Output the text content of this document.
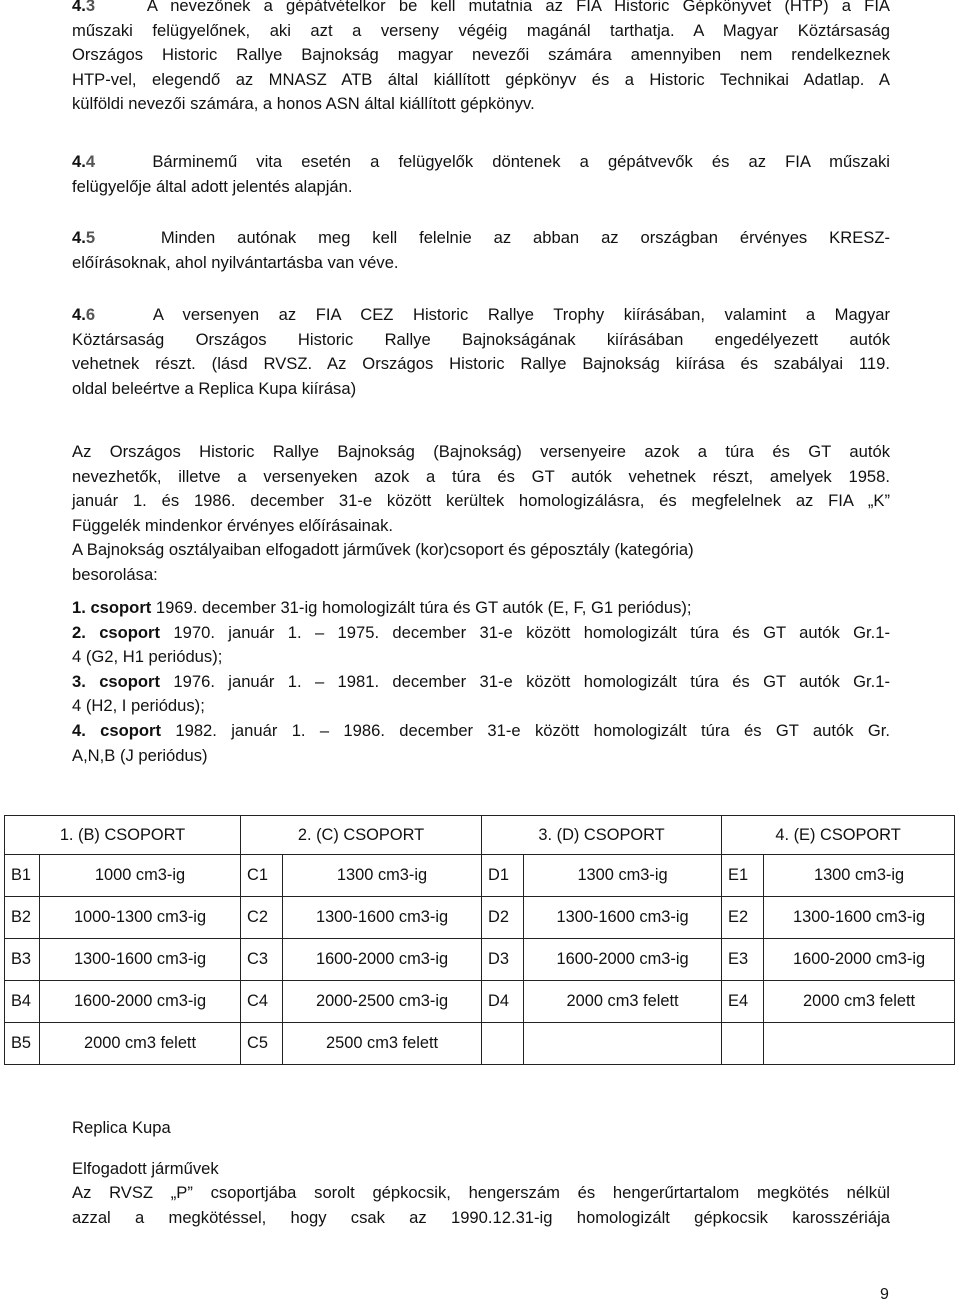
4.3	A nevezőnek a gépátvételkor be kell mutatnia az FIA Historic Gépkönyvet (HTP) a FIA
műszaki felügyelőnek, aki azt a verseny végéig magánál tarthatja. A Magyar Köztársaság
Országos Historic Rallye Bajnokság magyar nevezői számára amennyiben nem rendelkeznek
HTP-vel, elegendő az MNASZ ATB által kiállított gépkönyv és a Historic Technikai Adatlap. A
külföldi nevezői számára, a honos ASN által kiállított gépkönyv.
4.4	Bárminemű vita esetén a felügyelők döntenek a gépátvevők és az FIA műszaki
felügyelője által adott jelentés alapján.
4.5	Minden autónak meg kell felelnie az abban az országban érvényes KRESZ-
előírásoknak, ahol nyilvántartásba van véve.
4.6	A versenyen az FIA CEZ Historic Rallye Trophy kiírásában, valamint a Magyar
Köztársaság Országos Historic Rallye Bajnokságának kiírásában engedélyezett autók
vehetnek részt. (lásd RVSZ. Az Országos Historic Rallye Bajnokság kiírása és szabályai 119.
oldal beleértve a Replica Kupa kiírása)
Az Országos Historic Rallye Bajnokság (Bajnokság) versenyeire azok a túra és GT autók
nevezhetők, illetve a versenyeken azok a túra és GT autók vehetnek részt, amelyek 1958.
január 1. és 1986. december 31-e között kerültek homologizálásra, és megfelelnek az FIA „K”
Függelék mindenkor érvényes előírásainak.
A Bajnokság osztályaiban elfogadott járművek (kor)csoport és géposztály (kategória)
besorolása:
1. csoport 1969. december 31-ig homologizált túra és GT autók (E, F, G1 periódus);
2. csoport 1970. január 1. – 1975. december 31-e között homologizált túra és GT autók Gr.1-
4 (G2, H1 periódus);
3. csoport 1976. január 1. – 1981. december 31-e között homologizált túra és GT autók Gr.1-
4 (H2, I periódus);
4. csoport 1982. január 1. – 1986. december 31-e között homologizált túra és GT autók Gr.
A,N,B (J periódus)
1. (B) CSOPORT		2. (C) CSOPORT		3. (D) CSOPORT		4. (E) CSOPORT	
B1	1000 cm3-ig	C1	1300 cm3-ig	D1	1300 cm3-ig	E1	1300 cm3-ig
B2	1000-1300 cm3-ig	C2	1300-1600 cm3-ig	D2	1300-1600 cm3-ig	E2	1300-1600 cm3-ig
B3	1300-1600 cm3-ig	C3	1600-2000 cm3-ig	D3	1600-2000 cm3-ig	E3	1600-2000 cm3-ig
B4	1600-2000 cm3-ig	C4	2000-2500 cm3-ig	D4	2000 cm3 felett	E4	2000 cm3 felett
B5	2000 cm3 felett	C5	2500 cm3 felett				
Replica Kupa
Elfogadott járművek
Az RVSZ „P” csoportjába sorolt gépkocsik, hengerszám és hengerűrtartalom megkötés nélkül
azzal a megkötéssel, hogy csak az 1990.12.31-ig homologizált gépkocsik karosszériája
9
